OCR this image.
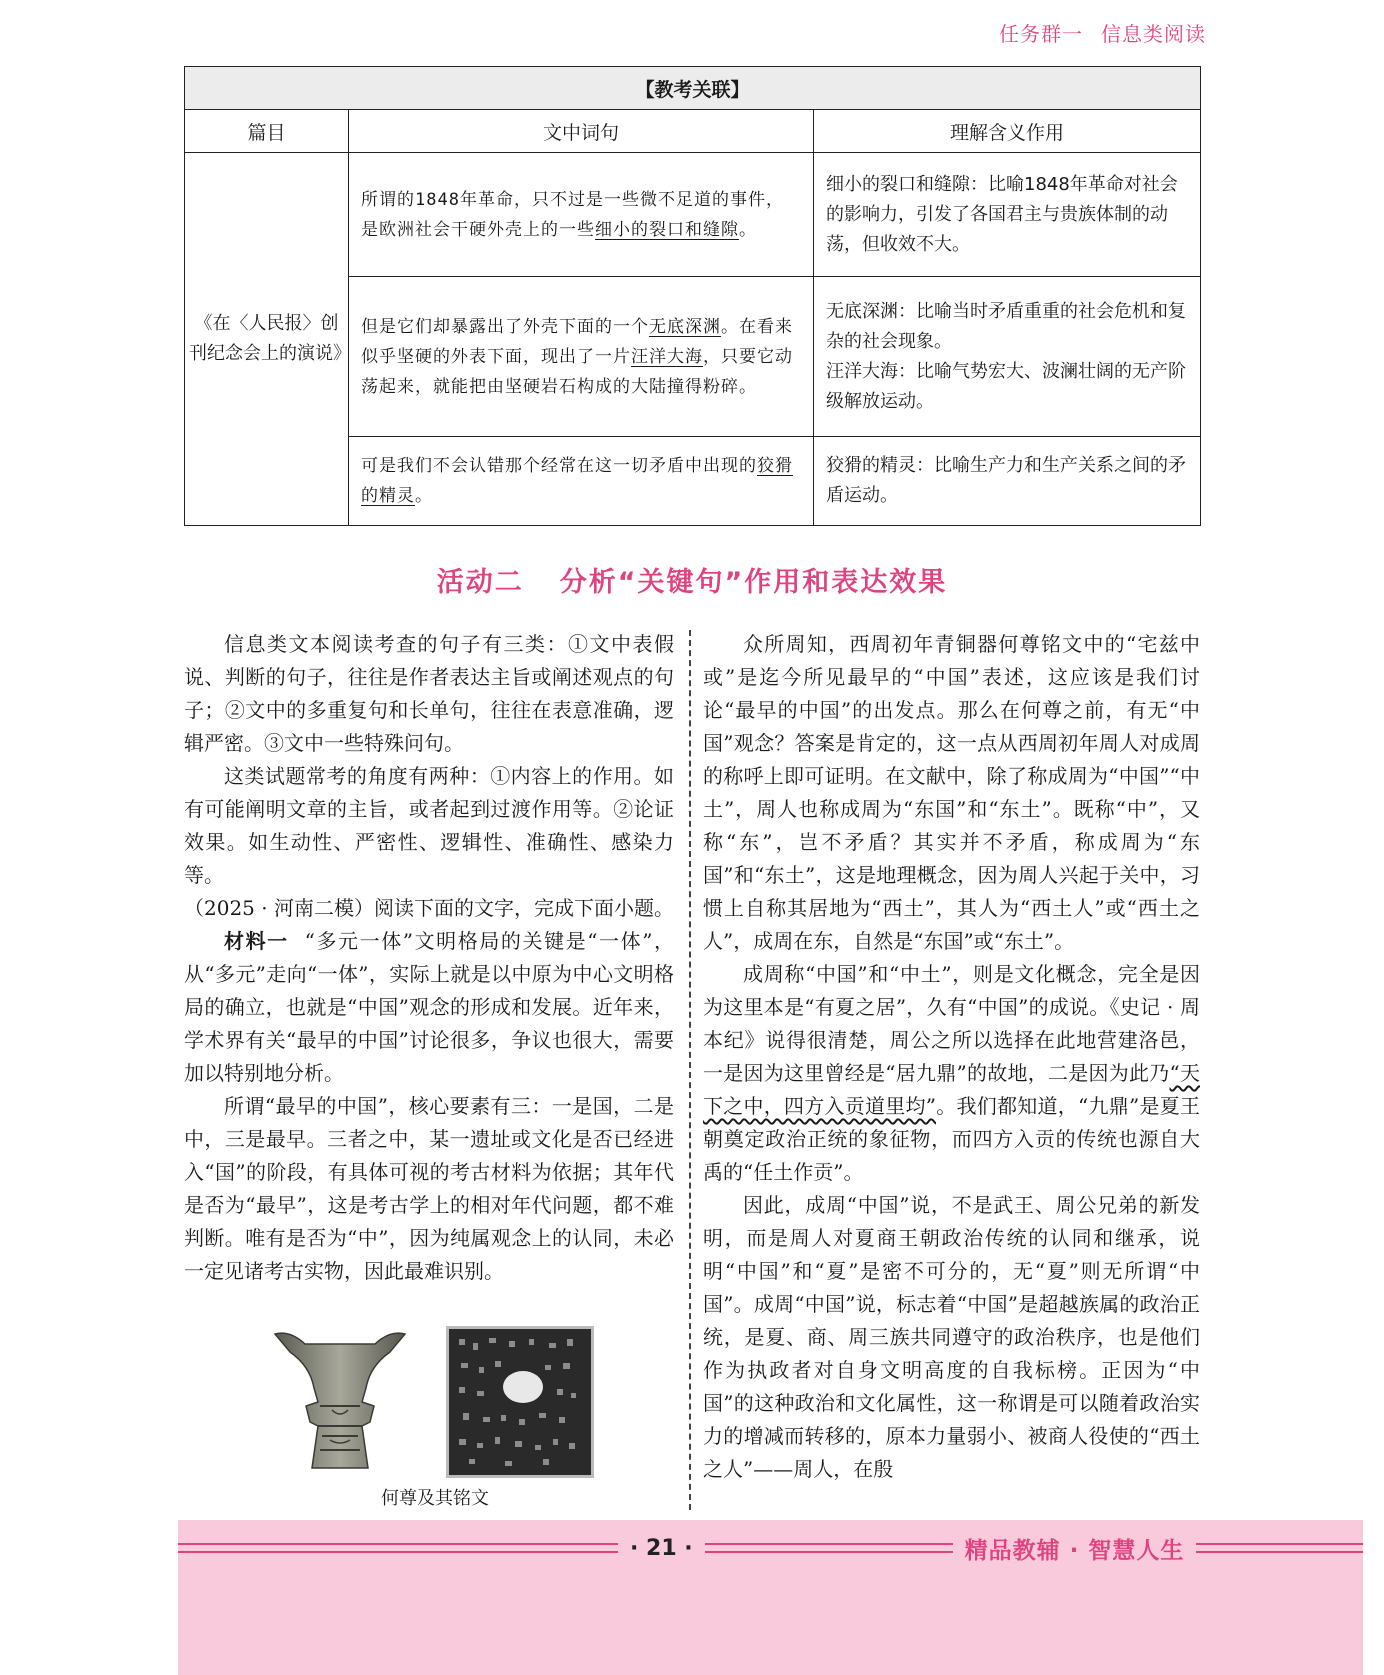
任务群一 信息类阅读
【教考关联】		
篇目	文中词句	理解含义作用
《在〈人民报〉创刊纪念会上的演说》	所谓的1848年革命，只不过是一些微不足道的事件，是欧洲社会干硬外壳上的一些细小的裂口和缝隙。	细小的裂口和缝隙：比喻1848年革命对社会的影响力，引发了各国君主与贵族体制的动荡，但收效不大。
	但是它们却暴露出了外壳下面的一个无底深渊。在看来似乎坚硬的外表下面，现出了一片汪洋大海，只要它动荡起来，就能把由坚硬岩石构成的大陆撞得粉碎。	无底深渊：比喻当时矛盾重重的社会危机和复杂的社会现象。
汪洋大海：比喻气势宏大、波澜壮阔的无产阶级解放运动。

	可是我们不会认错那个经常在这一切矛盾中出现的狡猾的精灵。	狡猾的精灵：比喻生产力和生产关系之间的矛盾运动。
活动二 分析“关键句”作用和表达效果

信息类文本阅读考查的句子有三类：①文中表假说、判断的句子，往往是作者表达主旨或阐述观点的句子；②文中的多重复句和长单句，往往在表意准确，逻辑严密。③文中一些特殊问句。

这类试题常考的角度有两种：①内容上的作用。如有可能阐明文章的主旨，或者起到过渡作用等。②论证效果。如生动性、严密性、逻辑性、准确性、感染力等。

（2025 · 河南二模）阅读下面的文字，完成下面小题。

材料一 “多元一体”文明格局的关键是“一体”，从“多元”走向“一体”，实际上就是以中原为中心文明格局的确立，也就是“中国”观念的形成和发展。近年来，学术界有关“最早的中国”讨论很多，争议也很大，需要加以特别地分析。

所谓“最早的中国”，核心要素有三：一是国，二是中，三是最早。三者之中，某一遗址或文化是否已经进入“国”的阶段，有具体可视的考古材料为依据；其年代是否为“最早”，这是考古学上的相对年代问题，都不难判断。唯有是否为“中”，因为纯属观念上的认同，未必一定见诸考古实物，因此最难识别。

何尊及其铭文

众所周知，西周初年青铜器何尊铭文中的“宅兹中或”是迄今所见最早的“中国”表述，这应该是我们讨论“最早的中国”的出发点。那么在何尊之前，有无“中国”观念？答案是肯定的，这一点从西周初年周人对成周的称呼上即可证明。在文献中，除了称成周为“中国”“中土”，周人也称成周为“东国”和“东土”。既称“中”，又称“东”，岂不矛盾？其实并不矛盾，称成周为“东国”和“东土”，这是地理概念，因为周人兴起于关中，习惯上自称其居地为“西土”，其人为“西土人”或“西土之人”，成周在东，自然是“东国”或“东土”。

成周称“中国”和“中土”，则是文化概念，完全是因为这里本是“有夏之居”，久有“中国”的成说。《史记 · 周本纪》说得很清楚，周公之所以选择在此地营建洛邑，一是因为这里曾经是“居九鼎”的故地，二是因为此乃“天下之中，四方入贡道里均”。我们都知道，“九鼎”是夏王朝奠定政治正统的象征物，而四方入贡的传统也源自大禹的“任土作贡”。

因此，成周“中国”说，不是武王、周公兄弟的新发明，而是周人对夏商王朝政治传统的认同和继承，说明“中国”和“夏”是密不可分的，无“夏”则无所谓“中国”。成周“中国”说，标志着“中国”是超越族属的政治正统，是夏、商、周三族共同遵守的政治秩序，也是他们作为执政者对自身文明高度的自我标榜。正因为“中国”的这种政治和文化属性，这一称谓是可以随着政治实力的增减而转移的，原本力量弱小、被商人役使的“西土之人”——周人，在殷

· 21 ·	精品教辅 · 智慧人生
